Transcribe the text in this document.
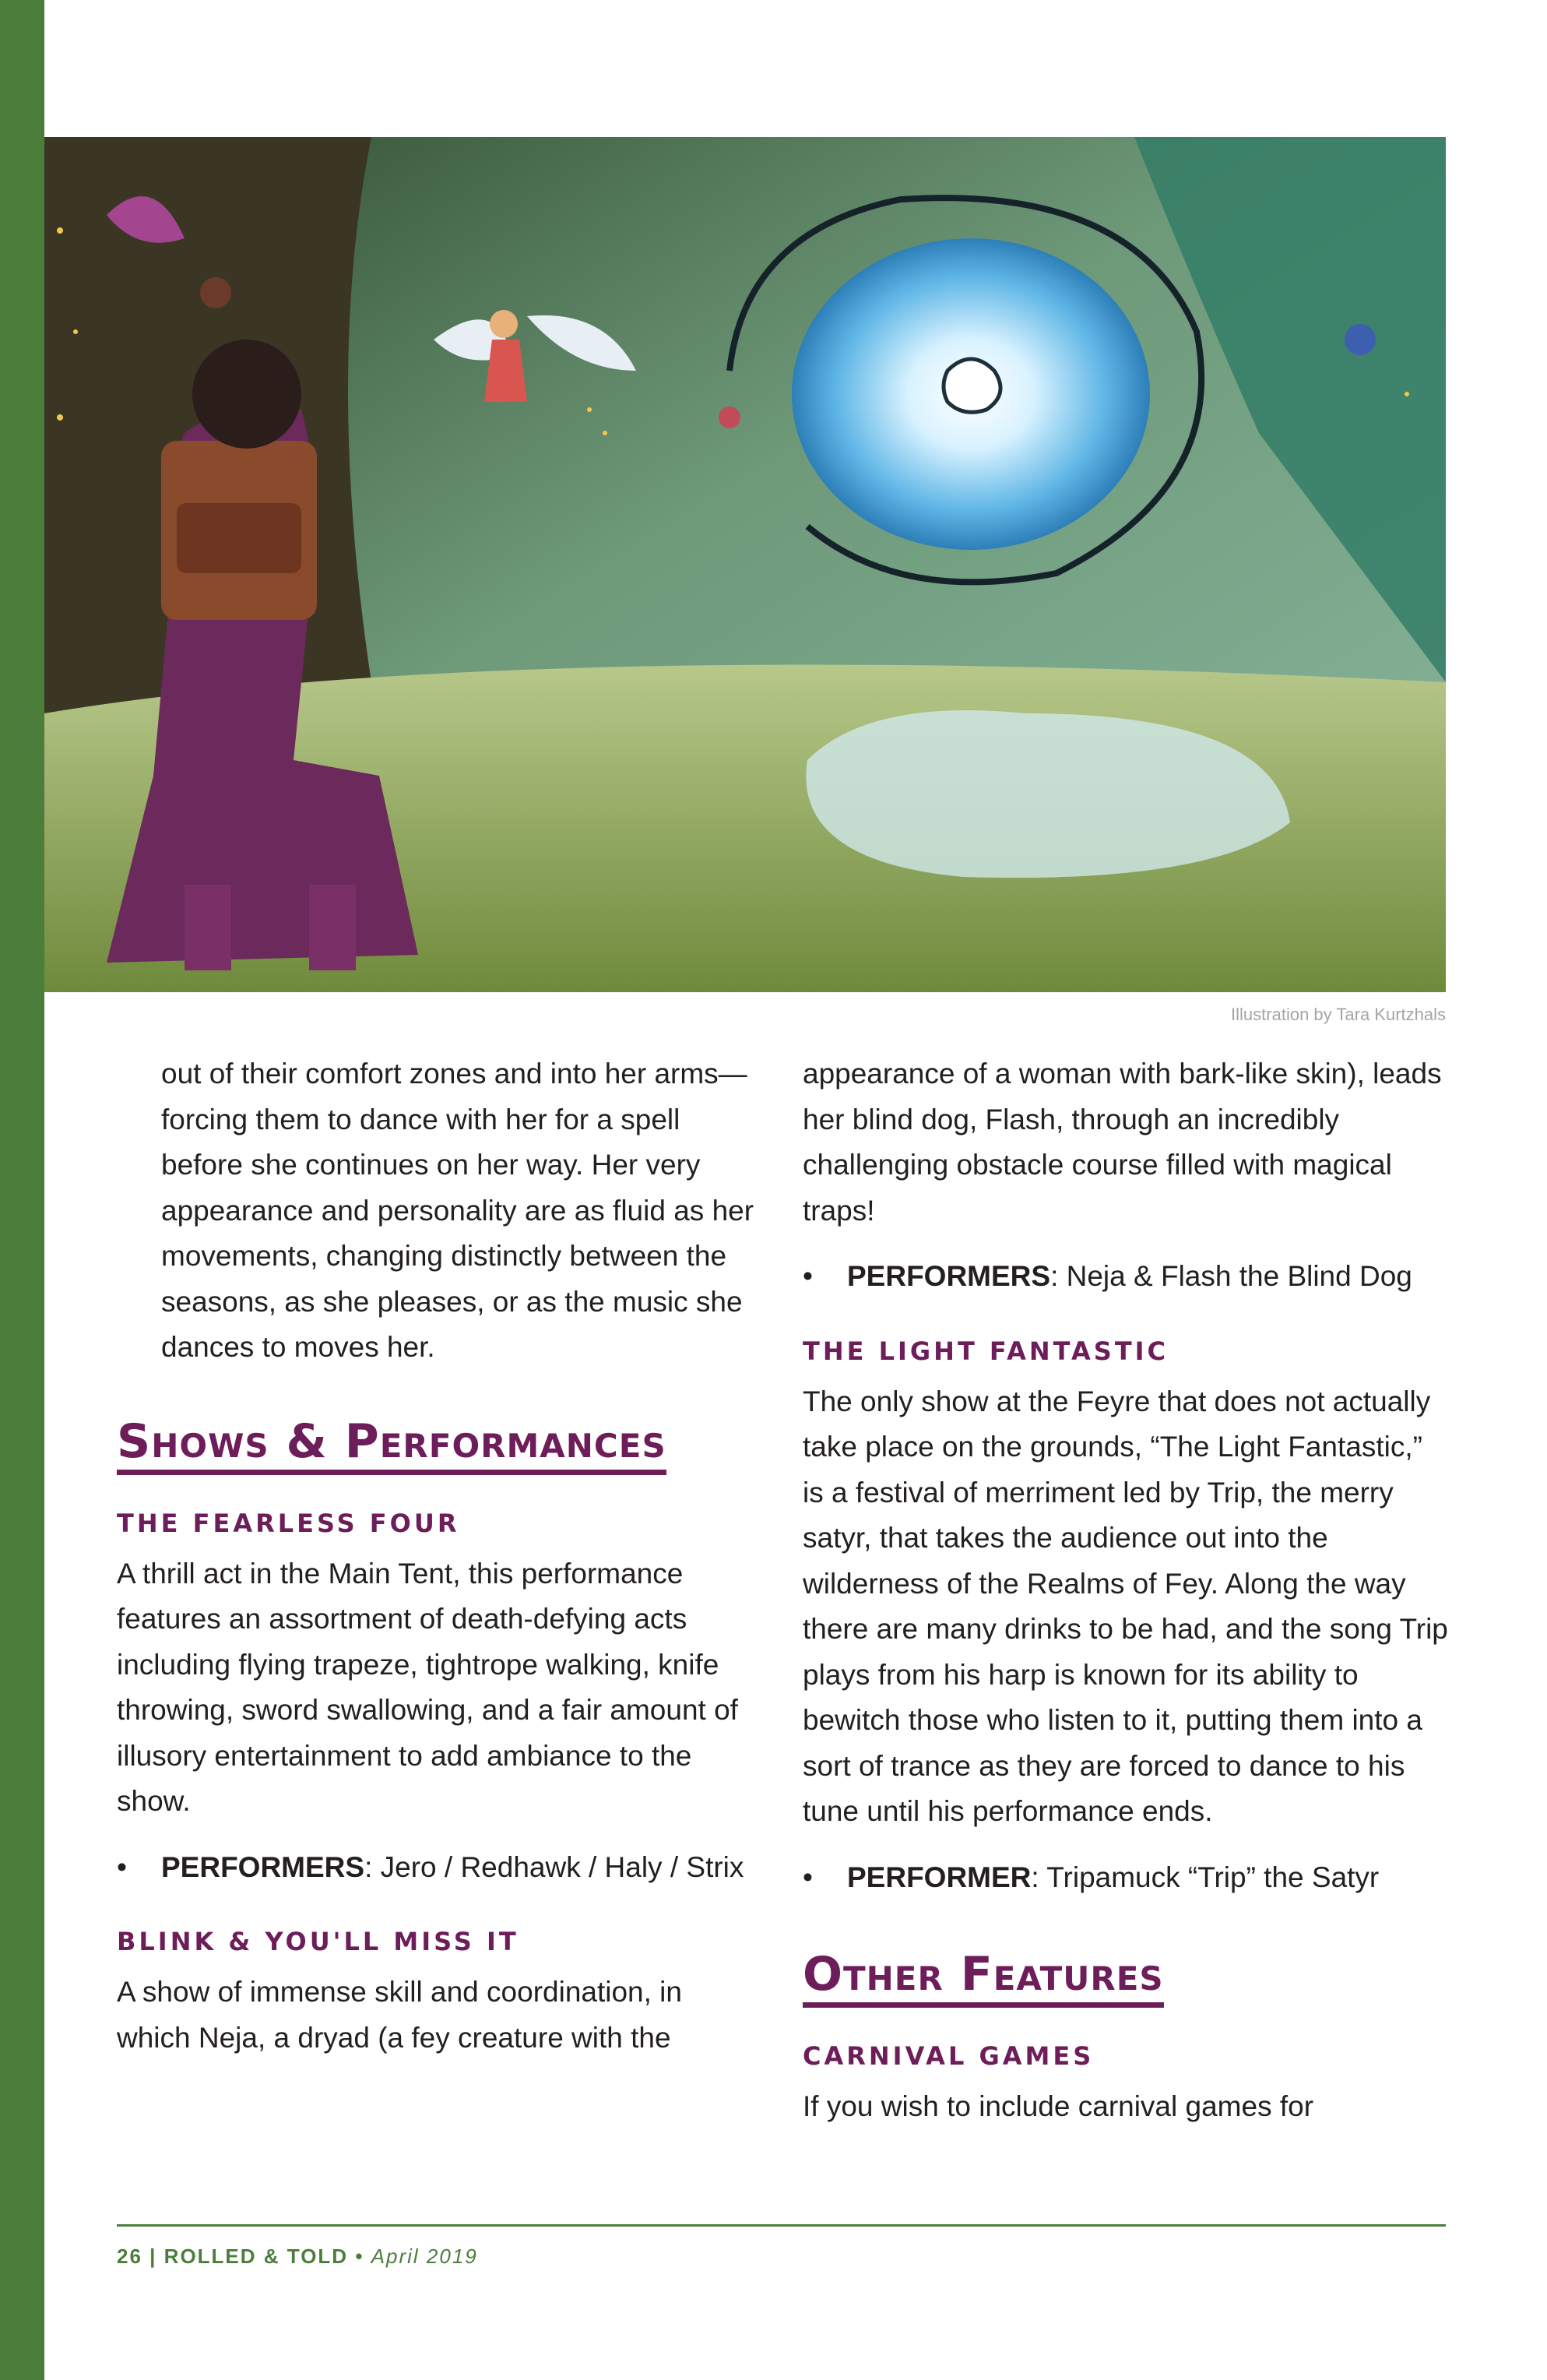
Illustration by Tara Kurtzhals

out of their comfort zones and into her arms—forcing them to dance with her for a spell before she continues on her way. Her very appearance and personality are as fluid as her movements, changing distinctly between the seasons, as she pleases, or as the music she dances to moves her.

Shows & Performances
THE FEARLESS FOUR

A thrill act in the Main Tent, this performance features an assortment of death-defying acts including flying trapeze, tightrope walking, knife throwing, sword swallowing, and a fair amount of illusory entertainment to add ambiance to the show.

• PERFORMERS: Jero / Redhawk / Haly / Strix
BLINK & YOU'LL MISS IT

A show of immense skill and coordination, in which Neja, a dryad (a fey creature with the

appearance of a woman with bark-like skin), leads her blind dog, Flash, through an incredibly challenging obstacle course filled with magical traps!

• PERFORMERS: Neja & Flash the Blind Dog
THE LIGHT FANTASTIC

The only show at the Feyre that does not actually take place on the grounds, “The Light Fantastic,” is a festival of merriment led by Trip, the merry satyr, that takes the audience out into the wilderness of the Realms of Fey. Along the way there are many drinks to be had, and the song Trip plays from his harp is known for its ability to bewitch those who listen to it, putting them into a sort of trance as they are forced to dance to his tune until his performance ends.

• PERFORMER: Tripamuck “Trip” the Satyr
Other Features
CARNIVAL GAMES

If you wish to include carnival games for

26 | ROLLED & TOLD • April 2019
